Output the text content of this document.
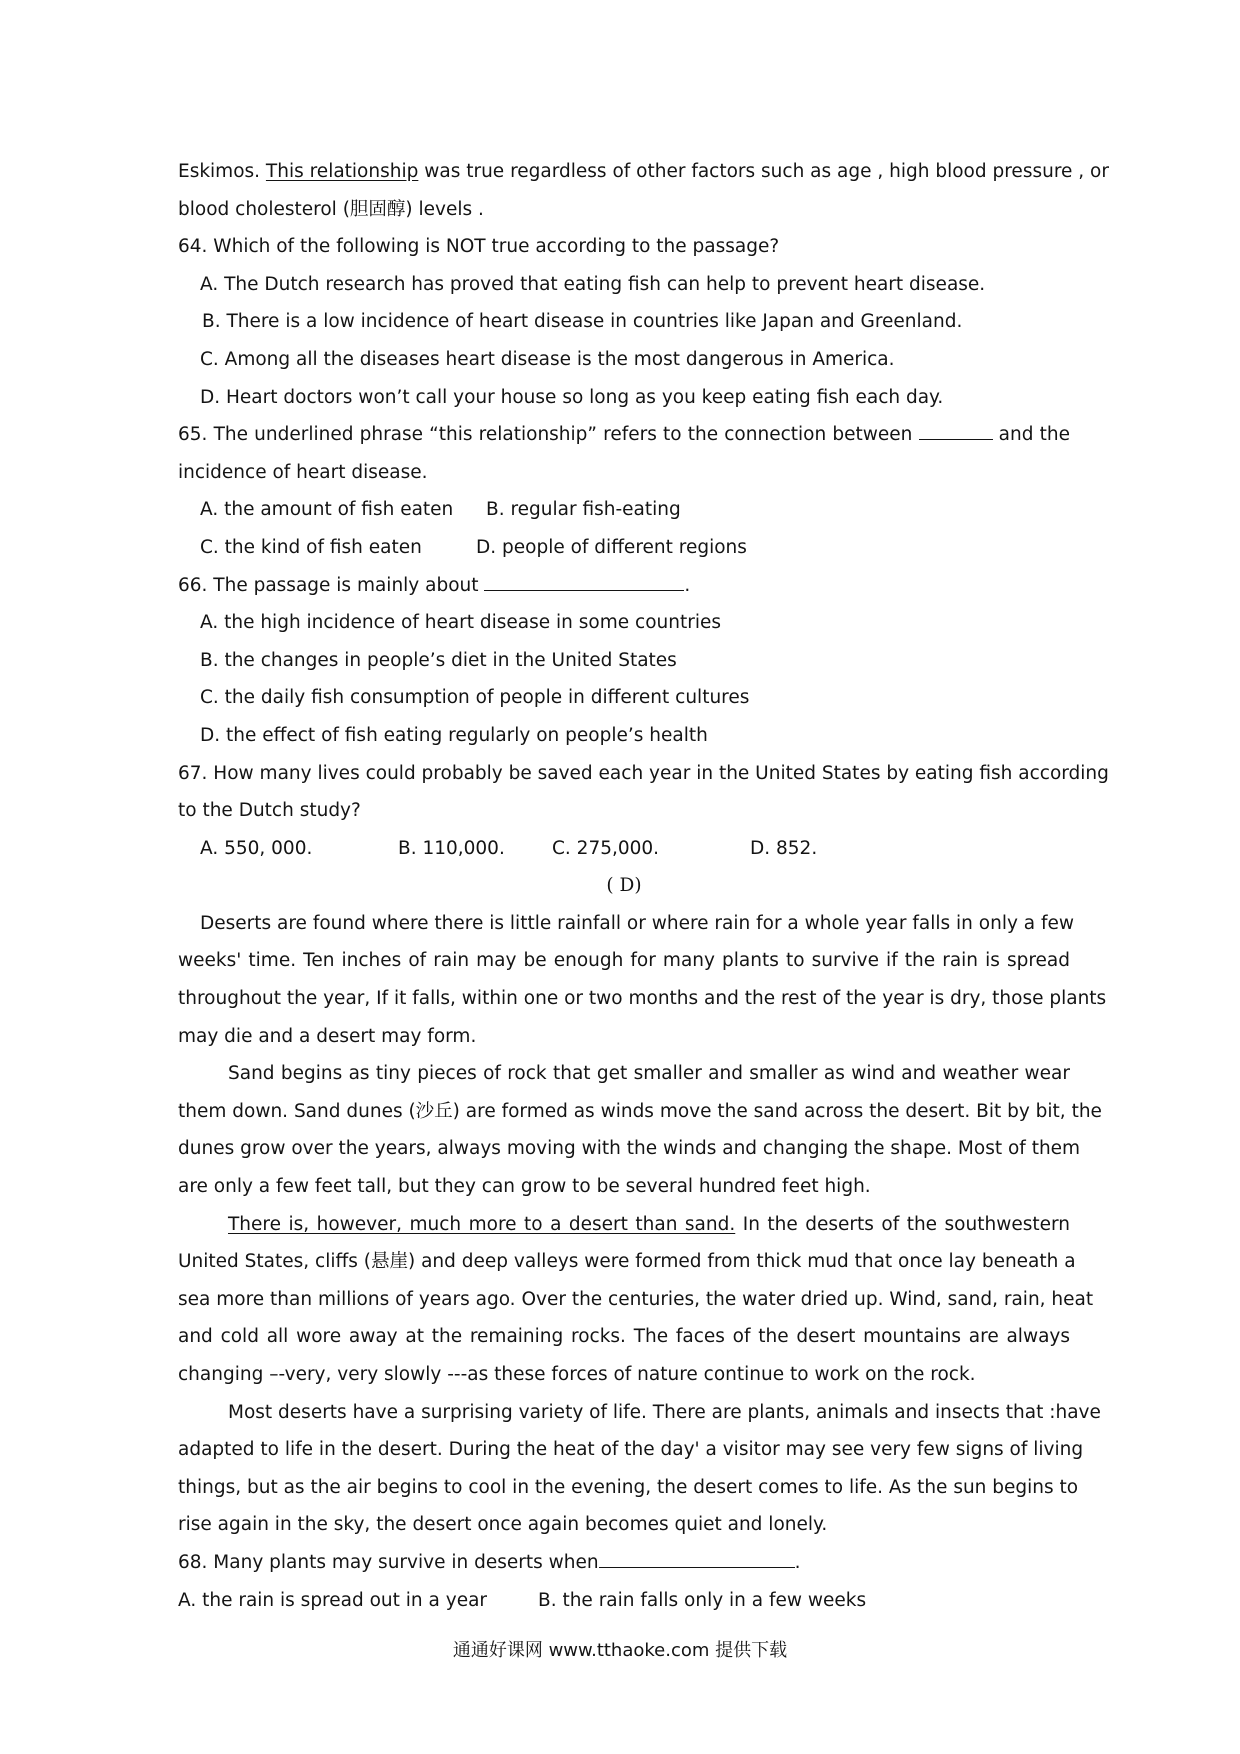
Eskimos. This relationship was true regardless of other factors such as age , high blood pressure , or
blood cholesterol (胆固醇) levels .
64. Which of the following is NOT true according to the passage?
A. The Dutch research has proved that eating fish can help to prevent heart disease.
B. There is a low incidence of heart disease in countries like Japan and Greenland.
C. Among all the diseases heart disease is the most dangerous in America.
D. Heart doctors won’t call your house so long as you keep eating fish each day.
65. The underlined phrase “this relationship” refers to the connection between	and the
incidence of heart disease.
A. the amount of fish eaten B. regular fish-eating
C. the kind of fish eaten	D. people of different regions
66. The passage is mainly about	.
A. the high incidence of heart disease in some countries
B. the changes in people’s diet in the United States
C. the daily fish consumption of people in different cultures
D. the effect of fish eating regularly on people’s health
67. How many lives could probably be saved each year in the United States by eating fish according
to the Dutch study?
A. 550, 000.	B. 110,000.	C. 275,000.	D. 852.
( D)
Deserts are found where there is little rainfall or where rain for a whole year falls in only a few
weeks' time. Ten inches of rain may be enough for many plants to survive if the rain is spread
throughout the year, If it falls, within one or two months and the rest of the year is dry, those plants
may die and a desert may form.
Sand begins as tiny pieces of rock that get smaller and smaller as wind and weather wear
them down. Sand dunes (沙丘) are formed as winds move the sand across the desert. Bit by bit, the
dunes grow over the years, always moving with the winds and changing the shape. Most of them
are only a few feet tall, but they can grow to be several hundred feet high.
There is, however, much more to a desert than sand. In the deserts of the southwestern
United States, cliffs (悬崖) and deep valleys were formed from thick mud that once lay beneath a
sea more than millions of years ago. Over the centuries, the water dried up. Wind, sand, rain, heat
and cold all wore away at the remaining rocks. The faces of the desert mountains are always
changing –-very, very slowly ---as these forces of nature continue to work on the rock.
Most deserts have a surprising variety of life. There are plants, animals and insects that :have
adapted to life in the desert. During the heat of the day' a visitor may see very few signs of living
things, but as the air begins to cool in the evening, the desert comes to life. As the sun begins to
rise again in the sky, the desert once again becomes quiet and lonely.
68. Many plants may survive in deserts when	.
A. the rain is spread out in a year	B. the rain falls only in a few weeks
通通好课网 www.tthaoke.com 提供下载
